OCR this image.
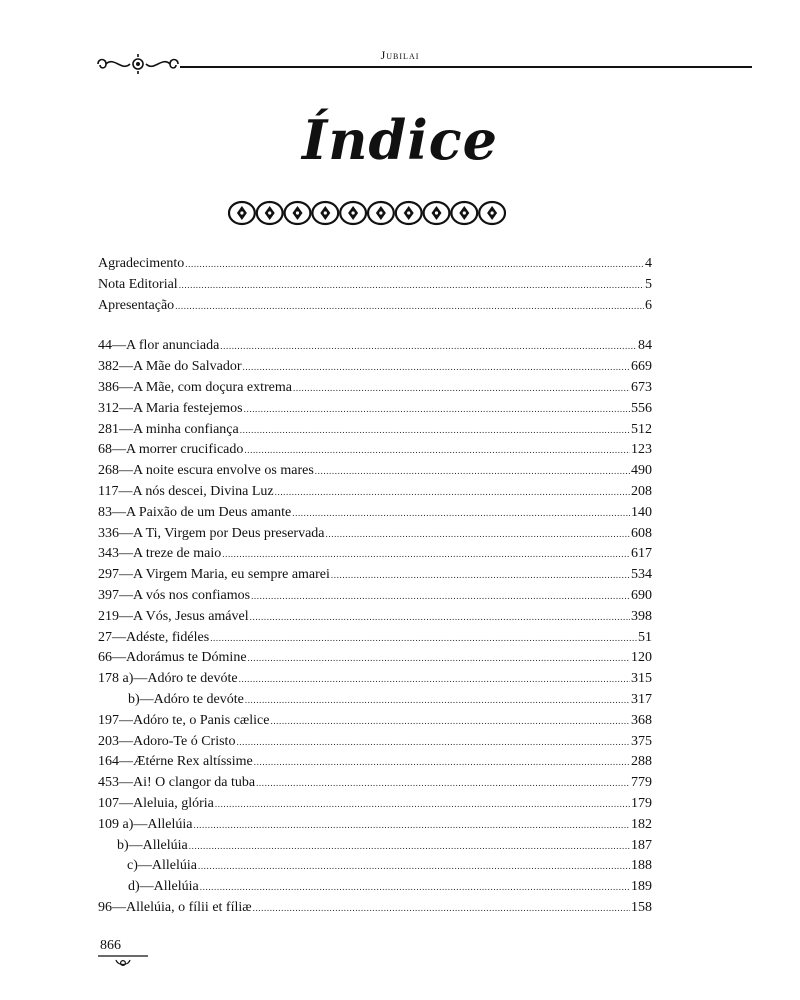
Jubilai
Índice
Agradecimento .....	4
Nota Editorial .....	5
Apresentação .....	6
44—A flor anunciada .....	84
382—A Mãe do Salvador .....	669
386—A Mãe, com doçura extrema .....	673
312—A Maria festejemos .....	556
281—A minha confiança .....	512
68—A morrer crucificado .....	123
268—A noite escura envolve os mares .....	490
117—A nós descei, Divina Luz .....	208
83—A Paixão de um Deus amante .....	140
336—A Ti, Virgem por Deus preservada .....	608
343—A treze de maio .....	617
297—A Virgem Maria, eu sempre amarei .....	534
397—A vós nos confiamos .....	690
219—A Vós, Jesus amável .....	398
27—Adéste, fidéles .....	51
66—Adorámus te Dómine .....	120
178 a)—Adóro te devóte .....	315
b)—Adóro te devóte .....	317
197—Adóro te, o Panis cælice .....	368
203—Adoro-Te ó Cristo .....	375
164—Ætérne Rex altíssime .....	288
453—Ai! O clangor da tuba .....	779
107—Aleluia, glória .....	179
109 a)—Allelúia .....	182
b)—Allelúia .....	187
c)—Allelúia .....	188
d)—Allelúia .....	189
96—Allelúia, o fílii et fíliæ .....	158
866
